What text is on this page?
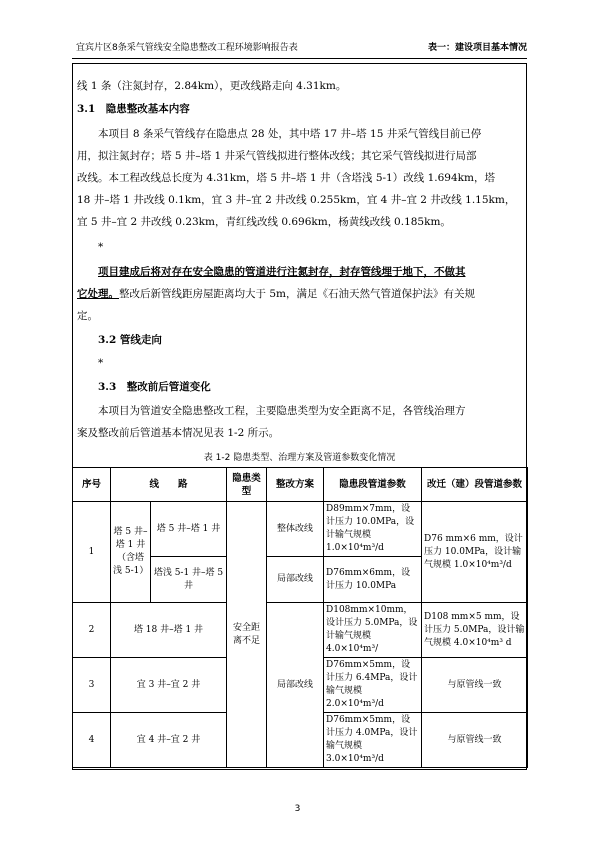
宜宾片区8条采气管线安全隐患整改工程环境影响报告表	表一：建设项目基本情况
线 1 条（注氮封存，2.84km），更改线路走向 4.31km。
3.1　隐患整改基本内容
本项目 8 条采气管线存在隐患点 28 处，其中塔 17 井–塔 15 井采气管线目前已停
用，拟注氮封存；塔 5 井–塔 1 井采气管线拟进行整体改线；其它采气管线拟进行局部
改线。本工程改线总长度为 4.31km，塔 5 井–塔 1 井（含塔浅 5-1）改线 1.694km，塔
18 井–塔 1 井改线 0.1km，宜 3 井–宜 2 井改线 0.255km，宜 4 井–宜 2 井改线 1.15km，
宜 5 井–宜 2 井改线 0.23km，青红线改线 0.696km，杨黄线改线 0.185km。
*
项目建成后将对存在安全隐患的管道进行注氮封存，封存管线埋于地下，不做其
它处理。整改后新管线距房屋距离均大于 5m，满足《石油天然气管道保护法》有关规
定。
3.2 管线走向
*
3.3　整改前后管道变化
本项目为管道安全隐患整改工程，主要隐患类型为安全距离不足，各管线治理方
案及整改前后管道基本情况见表 1-2 所示。
表 1-2 隐患类型、治理方案及管道参数变化情况
序号	线　　路		隐患类型	整改方案	隐患段管道参数	改迁（建）段管道参数
1	塔 5 井–塔 1 井（含塔浅 5-1）	塔 5 井–塔 1 井	安全距离不足	整体改线	D89mm×7mm，设计压力 10.0MPa，设计输气规模 1.0×10⁴m³/d	D76 mm×6 mm，设计压力 10.0MPa，设计输气规模 1.0×10⁴m³/d
		塔浅 5-1 井–塔 5 井		局部改线	D76mm×6mm，设计压力 10.0MPa	
2	塔 18 井–塔 1 井			局部改线	D108mm×10mm，设计压力 5.0MPa，设计输气规模 4.0×10⁴m³/	D108 mm×5 mm，设计压力 5.0MPa，设计输气规模 4.0×10⁴m³ d
3	宜 3 井–宜 2 井				D76mm×5mm，设计压力 6.4MPa，设计输气规模 2.0×10⁴m³/d	与原管线一致
4	宜 4 井–宜 2 井				D76mm×5mm，设计压力 4.0MPa，设计输气规模 3.0×10⁴m³/d	与原管线一致
3
